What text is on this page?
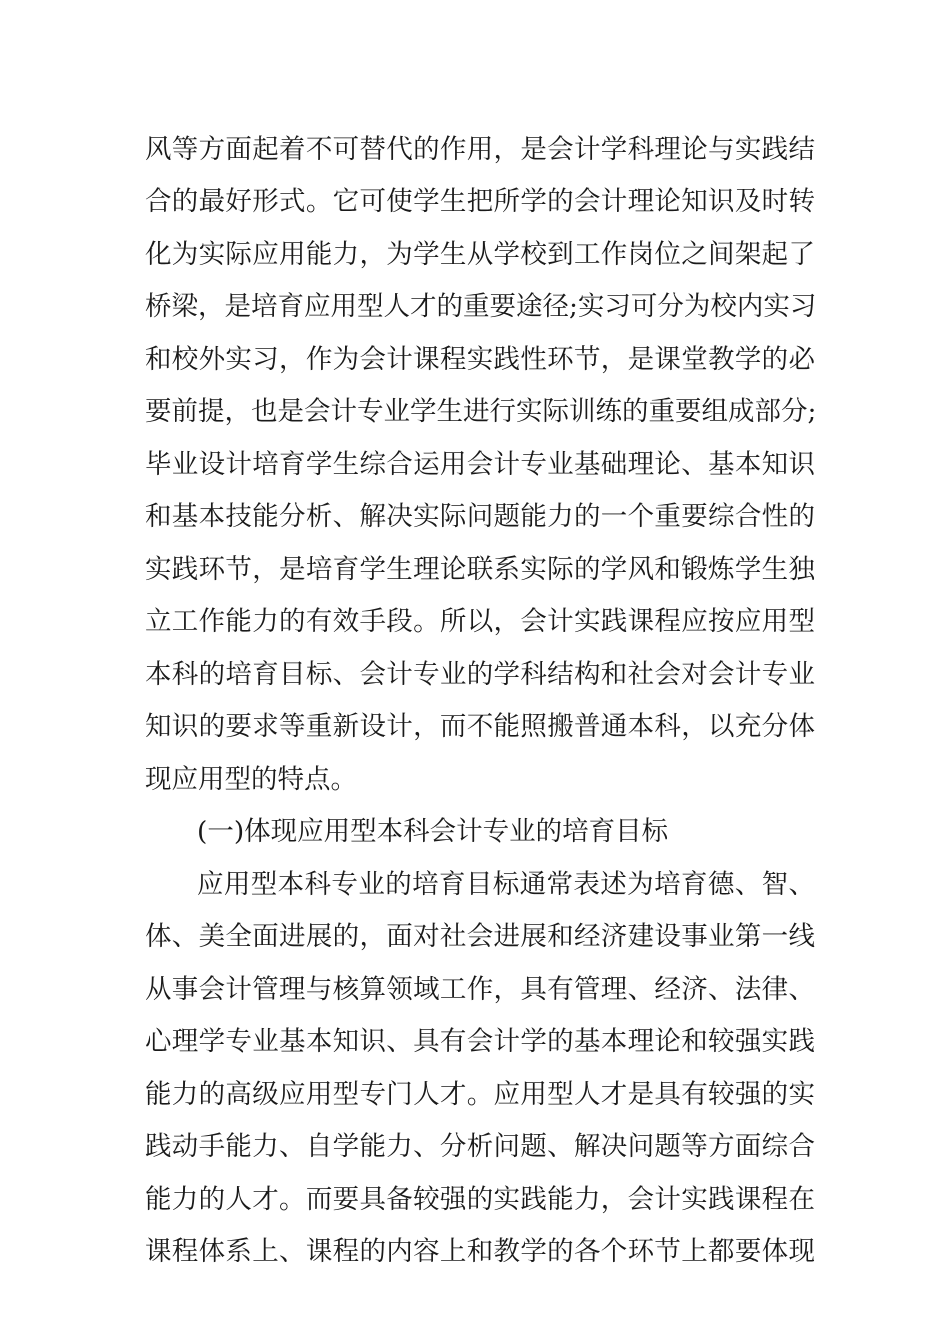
风等方面起着不可替代的作用，是会计学科理论与实践结
合的最好形式。它可使学生把所学的会计理论知识及时转
化为实际应用能力，为学生从学校到工作岗位之间架起了
桥梁，是培育应用型人才的重要途径;实习可分为校内实习
和校外实习，作为会计课程实践性环节，是课堂教学的必
要前提，也是会计专业学生进行实际训练的重要组成部分;
毕业设计培育学生综合运用会计专业基础理论、基本知识
和基本技能分析、解决实际问题能力的一个重要综合性的
实践环节，是培育学生理论联系实际的学风和锻炼学生独
立工作能力的有效手段。所以，会计实践课程应按应用型
本科的培育目标、会计专业的学科结构和社会对会计专业
知识的要求等重新设计，而不能照搬普通本科，以充分体
现应用型的特点。
(一)体现应用型本科会计专业的培育目标
应用型本科专业的培育目标通常表述为培育德、智、
体、美全面进展的，面对社会进展和经济建设事业第一线
从事会计管理与核算领域工作，具有管理、经济、法律、
心理学专业基本知识、具有会计学的基本理论和较强实践
能力的高级应用型专门人才。应用型人才是具有较强的实
践动手能力、自学能力、分析问题、解决问题等方面综合
能力的人才。而要具备较强的实践能力，会计实践课程在
课程体系上、课程的内容上和教学的各个环节上都要体现
